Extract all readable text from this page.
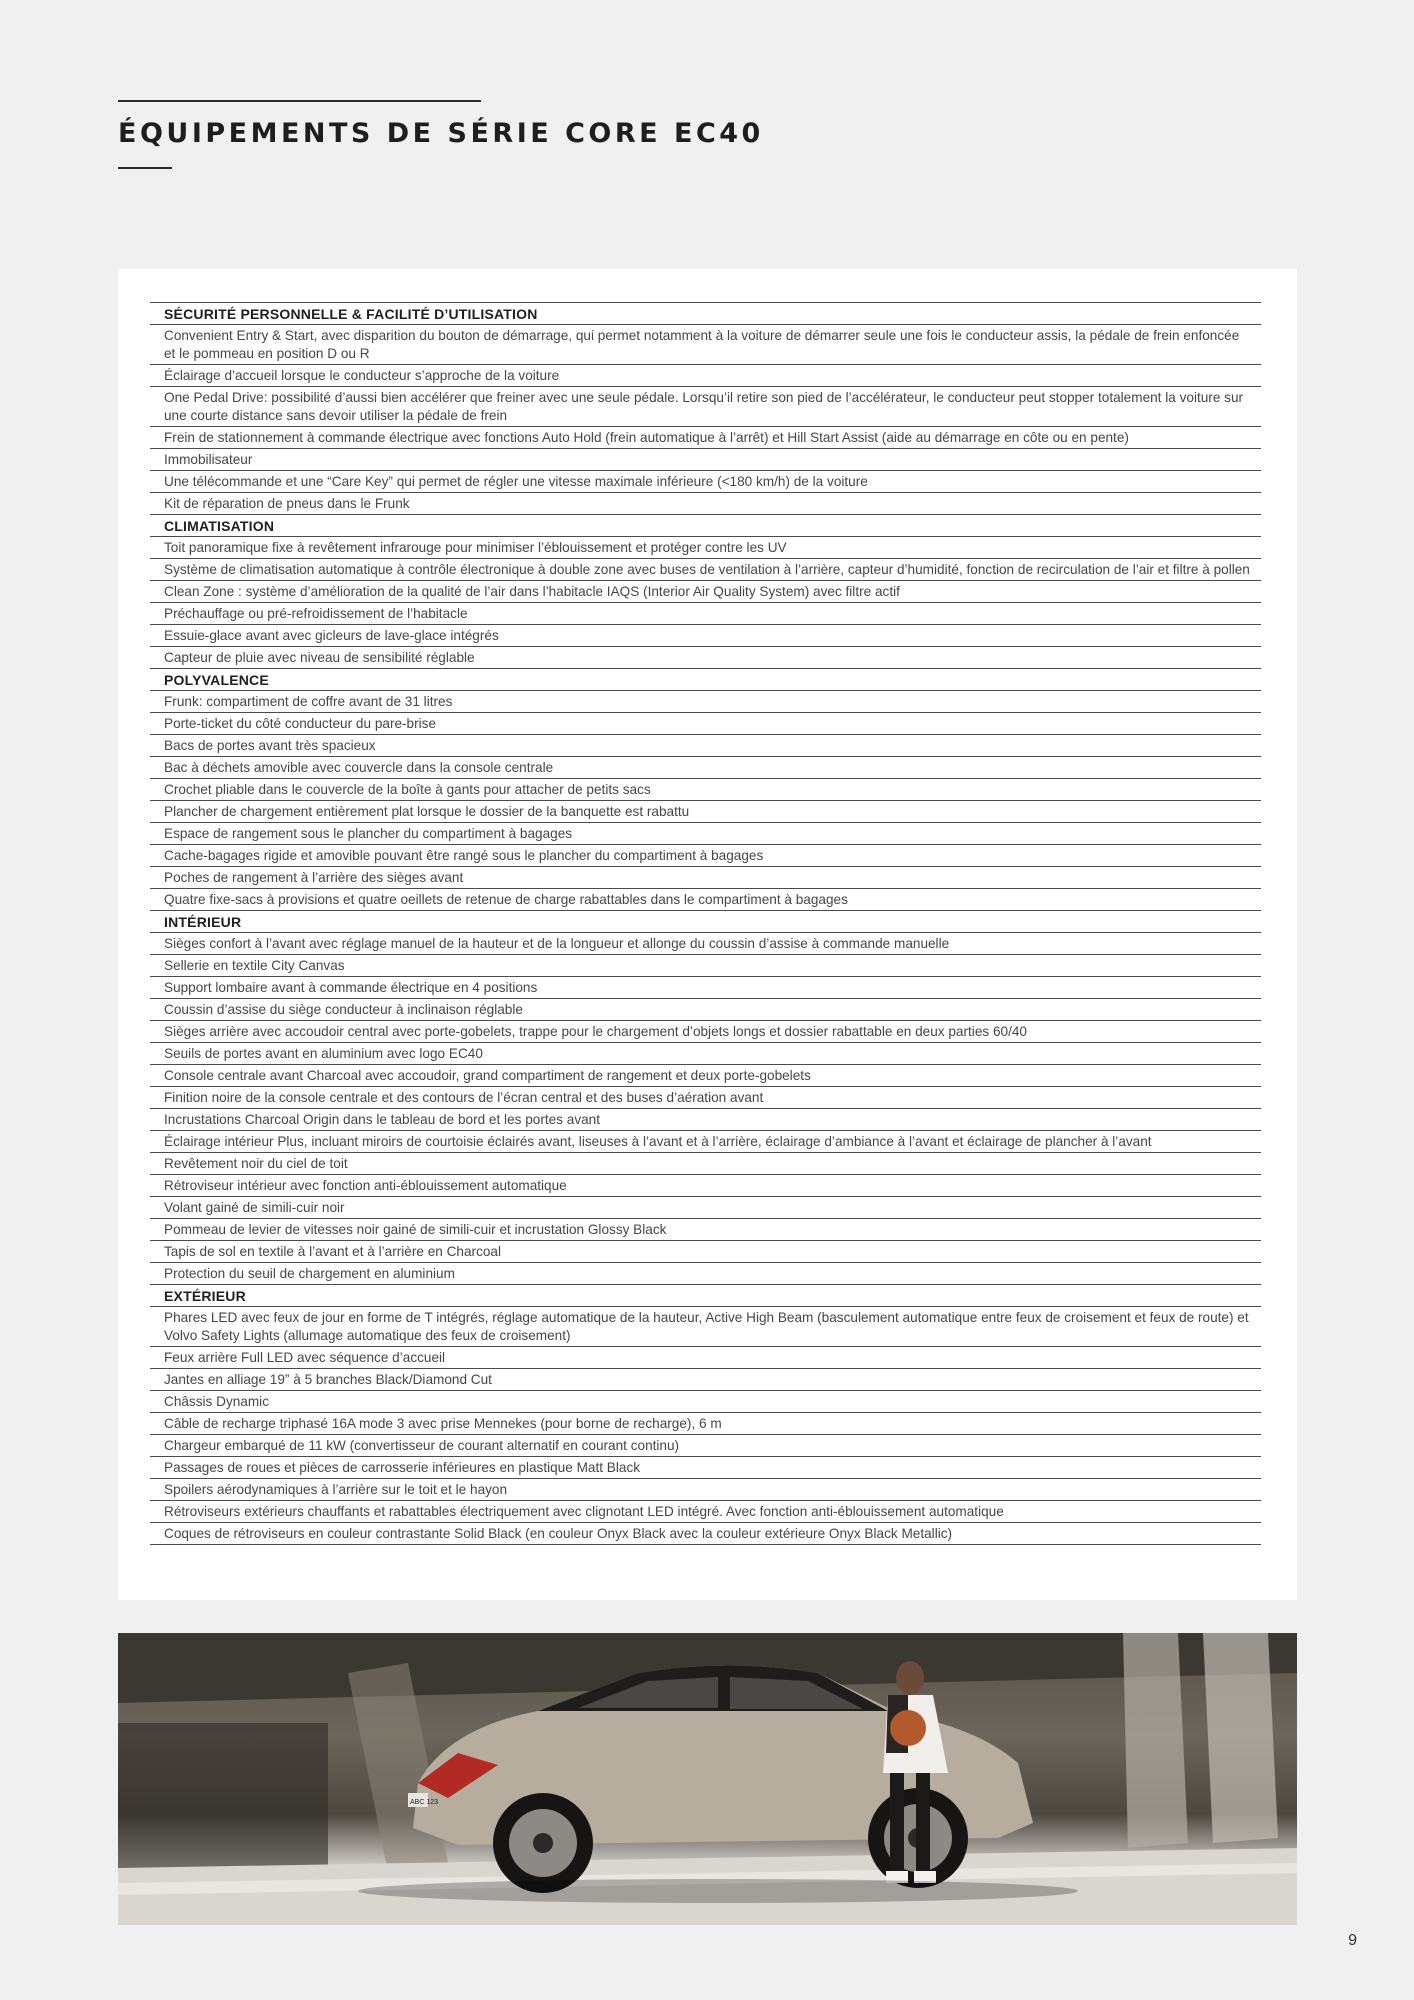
ÉQUIPEMENTS DE SÉRIE CORE EC40
SÉCURITÉ PERSONNELLE & FACILITÉ D’UTILISATION
Convenient Entry & Start, avec disparition du bouton de démarrage, qui permet notamment à la voiture de démarrer seule une fois le conducteur assis, la pédale de frein enfoncée et le pommeau en position D ou R
Éclairage d’accueil lorsque le conducteur s’approche de la voiture
One Pedal Drive: possibilité d’aussi bien accélérer que freiner avec une seule pédale. Lorsqu’il retire son pied de l’accélérateur, le conducteur peut stopper totalement la voiture sur une courte distance sans devoir utiliser la pédale de frein
Frein de stationnement à commande électrique avec fonctions Auto Hold (frein automatique à l’arrêt) et Hill Start Assist (aide au démarrage en côte ou en pente)
Immobilisateur
Une télécommande et une “Care Key” qui permet de régler une vitesse maximale inférieure (<180 km/h) de la voiture
Kit de réparation de pneus dans le Frunk
CLIMATISATION
Toit panoramique fixe à revêtement infrarouge pour minimiser l’éblouissement et protéger contre les UV
Système de climatisation automatique à contrôle électronique à double zone avec buses de ventilation à l’arrière, capteur d’humidité, fonction de recirculation de l’air et filtre à pollen
Clean Zone : système d’amélioration de la qualité de l’air dans l’habitacle IAQS (Interior Air Quality System) avec filtre actif
Préchauffage ou pré-refroidissement de l’habitacle
Essuie-glace avant avec gicleurs de lave-glace intégrés
Capteur de pluie avec niveau de sensibilité réglable
POLYVALENCE
Frunk: compartiment de coffre avant de 31 litres
Porte-ticket du côté conducteur du pare-brise
Bacs de portes avant très spacieux
Bac à déchets amovible avec couvercle dans la console centrale
Crochet pliable dans le couvercle de la boîte à gants pour attacher de petits sacs
Plancher de chargement entièrement plat lorsque le dossier de la banquette est rabattu
Espace de rangement sous le plancher du compartiment à bagages
Cache-bagages rigide et amovible pouvant être rangé sous le plancher du compartiment à bagages
Poches de rangement à l’arrière des sièges avant
Quatre fixe-sacs à provisions et quatre oeillets de retenue de charge rabattables dans le compartiment à bagages
INTÉRIEUR
Sièges confort à l’avant avec réglage manuel de la hauteur et de la longueur et allonge du coussin d’assise à commande manuelle
Sellerie en textile City Canvas
Support lombaire avant à commande électrique en 4 positions
Coussin d’assise du siège conducteur à inclinaison réglable
Sièges arrière avec accoudoir central avec porte-gobelets, trappe pour le chargement d’objets longs et dossier rabattable en deux parties 60/40
Seuils de portes avant en aluminium avec logo EC40
Console centrale avant Charcoal avec accoudoir, grand compartiment de rangement et deux porte-gobelets
Finition noire de la console centrale et des contours de l’écran central et des buses d’aération avant
Incrustations Charcoal Origin dans le tableau de bord et les portes avant
Éclairage intérieur Plus, incluant miroirs de courtoisie éclairés avant, liseuses à l’avant et à l’arrière, éclairage d’ambiance à l’avant et éclairage de plancher à l’avant
Revêtement noir du ciel de toit
Rétroviseur intérieur avec fonction anti-éblouissement automatique
Volant gainé de simili-cuir noir
Pommeau de levier de vitesses noir gainé de simili-cuir et incrustation Glossy Black
Tapis de sol en textile à l’avant et à l’arrière en Charcoal
Protection du seuil de chargement en aluminium
EXTÉRIEUR
Phares LED avec feux de jour en forme de T intégrés, réglage automatique de la hauteur, Active High Beam (basculement automatique entre feux de croisement et feux de route) et Volvo Safety Lights (allumage automatique des feux de croisement)
Feux arrière Full LED avec séquence d’accueil
Jantes en alliage 19” à 5 branches Black/Diamond Cut
Châssis Dynamic
Câble de recharge triphasé 16A mode 3 avec prise Mennekes (pour borne de recharge), 6 m
Chargeur embarqué de 11 kW (convertisseur de courant alternatif en courant continu)
Passages de roues et pièces de carrosserie inférieures en plastique Matt Black
Spoilers aérodynamiques à l’arrière sur le toit et le hayon
Rétroviseurs extérieurs chauffants et rabattables électriquement avec clignotant LED intégré. Avec fonction anti-éblouissement automatique
Coques de rétroviseurs en couleur contrastante Solid Black (en couleur Onyx Black avec la couleur extérieure Onyx Black Metallic)
ABC 123
9
